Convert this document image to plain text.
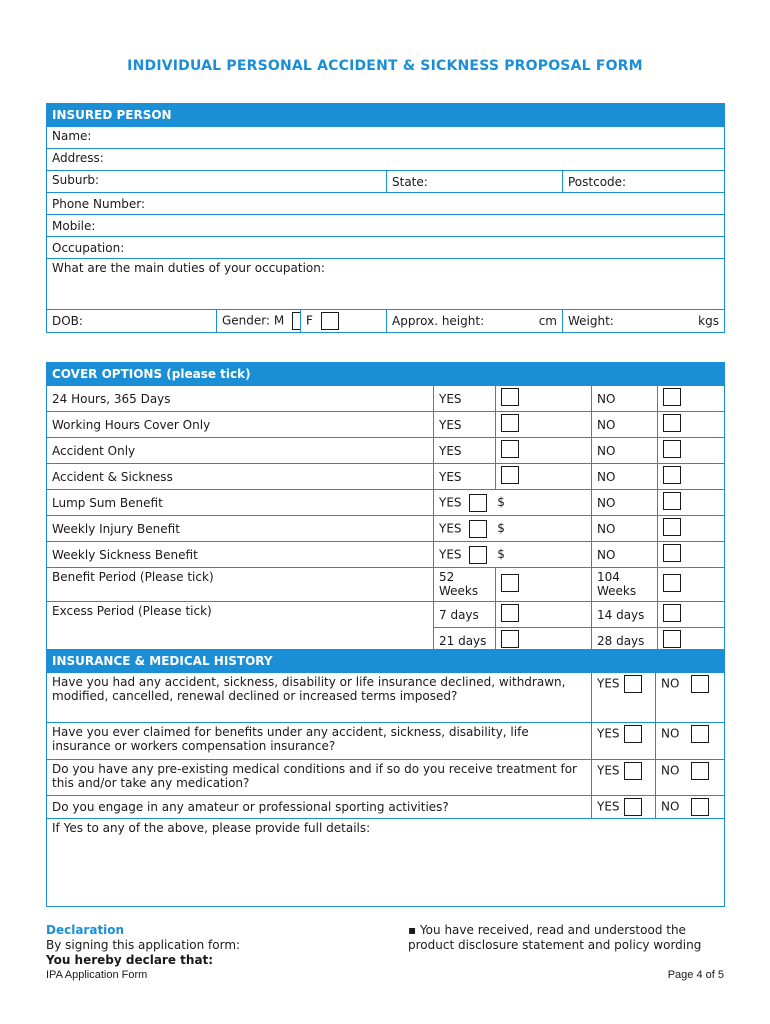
INDIVIDUAL PERSONAL ACCIDENT & SICKNESS PROPOSAL FORM
INSURED PERSON				
Name:				
Address:				
Suburb:			State:	Postcode:
Phone Number:				
Mobile:				
Occupation:				
What are the main duties of your occupation:				
DOB:	Gender: M	F	Approx. height: cm	Weight: kgs
COVER OPTIONS (please tick)				
24 Hours, 365 Days	YES		NO	
Working Hours Cover Only	YES		NO	
Accident Only	YES		NO	
Accident & Sickness	YES		NO	
Lump Sum Benefit	YES $		NO	
Weekly Injury Benefit	YES $		NO	
Weekly Sickness Benefit	YES $		NO	
Benefit Period (Please tick)	52 Weeks		104 Weeks	
Excess Period (Please tick)	7 days		14 days	
	21 days		28 days	
INSURANCE & MEDICAL HISTORY		
Have you had any accident, sickness, disability or life insurance declined, withdrawn, modified, cancelled, renewal declined or increased terms imposed?	YES	NO
Have you ever claimed for benefits under any accident, sickness, disability, life insurance or workers compensation insurance?	YES	NO
Do you have any pre-existing medical conditions and if so do you receive treatment for this and/or take any medication?	YES	NO
Do you engage in any amateur or professional sporting activities?	YES	NO
If Yes to any of the above, please provide full details:		
Declaration
By signing this application form:
You hereby declare that:
▪ You have received, read and understood the product disclosure statement and policy wording
IPA Application Form	Page 4 of 5
